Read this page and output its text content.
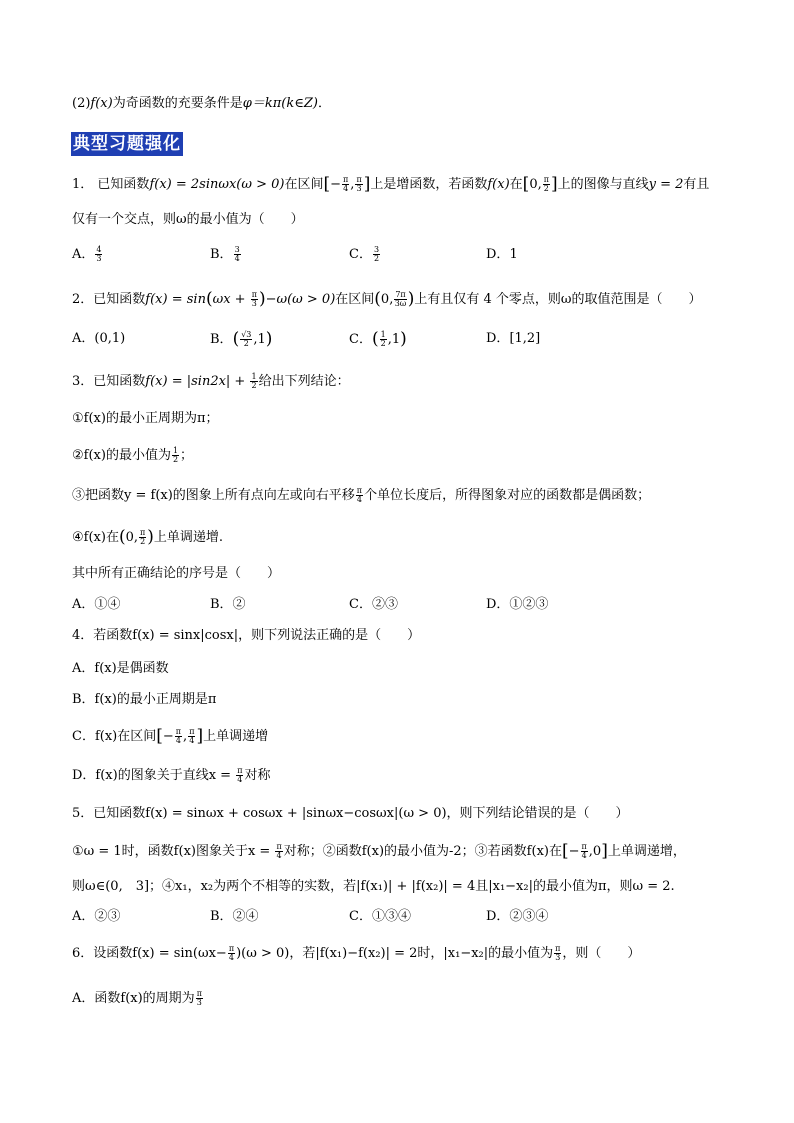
(2)f(x)为奇函数的充要条件是φ＝kπ(k∈Z)．
典型习题强化
1． 已知函数f(x) = 2sinωx(ω > 0)在区间[− $\frac{\pi}{4}$ , $\frac{\pi}{3}$ ]上是增函数，若函数f(x)在[0, $\frac{\pi}{2}$ ]上的图像与直线y = 2有且
仅有一个交点，则ω的最小值为（　　）
A． $\frac{4}{3}$	B． $\frac{3}{4}$	C． $\frac{3}{2}$	D．1
2．已知函数$f(x) = \sin(\omega x + \frac{\pi}{3} )-\omega(\omega > 0)$在区间(0, $\frac{7\pi}{3\omega}$ )上有且仅有 4 个零点，则ω的取值范围是（　　）
A．(0,1)	B．( $\frac{√3}{2} ,1$)	C．( $\frac{1}{2} ,1$)	D．[1,2]
3．已知函数$f(x) = |\sin 2x| + \frac{1}{2}$ 给出下列结论：
①f(x)的最小正周期为π；
②f(x)的最小值为 $\frac{1}{2}$ ；
③把函数y = f(x)的图象上所有点向左或向右平移 $\frac{\pi}{4}$ 个单位长度后，所得图象对应的函数都是偶函数；
④f(x)在(0, $\frac{\pi}{2}$ )上单调递增.
其中所有正确结论的序号是（　　）
A．①④	B．②	C．②③	D．①②③
4．若函数f(x) = sinx|cosx|，则下列说法正确的是（　　）
A．f(x)是偶函数
B．f(x)的最小正周期是π
C．f(x)在区间[− $\frac{\pi}{4}$ , $\frac{\pi}{4}$ ]上单调递增
D．f(x)的图象关于直线$x = \frac{\pi}{4}$ 对称
5．已知函数f(x) = sinωx + cosωx + |sinωx−cosωx|(ω > 0)，则下列结论错误的是（　　）
①ω = 1时，函数f(x)图象关于$x = \frac{\pi}{4}$ 对称；②函数f(x)的最小值为-2；③若函数f(x)在[− $\frac{\pi}{4} ,0$]上单调递增，
则ω∈(0,　3]；④x₁，x₂为两个不相等的实数，若|f(x₁)| + |f(x₂)| = 4且|x₁−x₂|的最小值为π，则ω = 2.
A．②③	B．②④	C．①③④	D．②③④
6．设函数$f(x) = \sin(\omega x- \frac{\pi}{4} )(\omega > 0)$，若|f(x₁)−f(x₂)| = 2时，|x₁−x₂|的最小值为 $\frac{\pi}{3}$ ，则（　　）
A．函数f(x)的周期为 $\frac{\pi}{3}$
